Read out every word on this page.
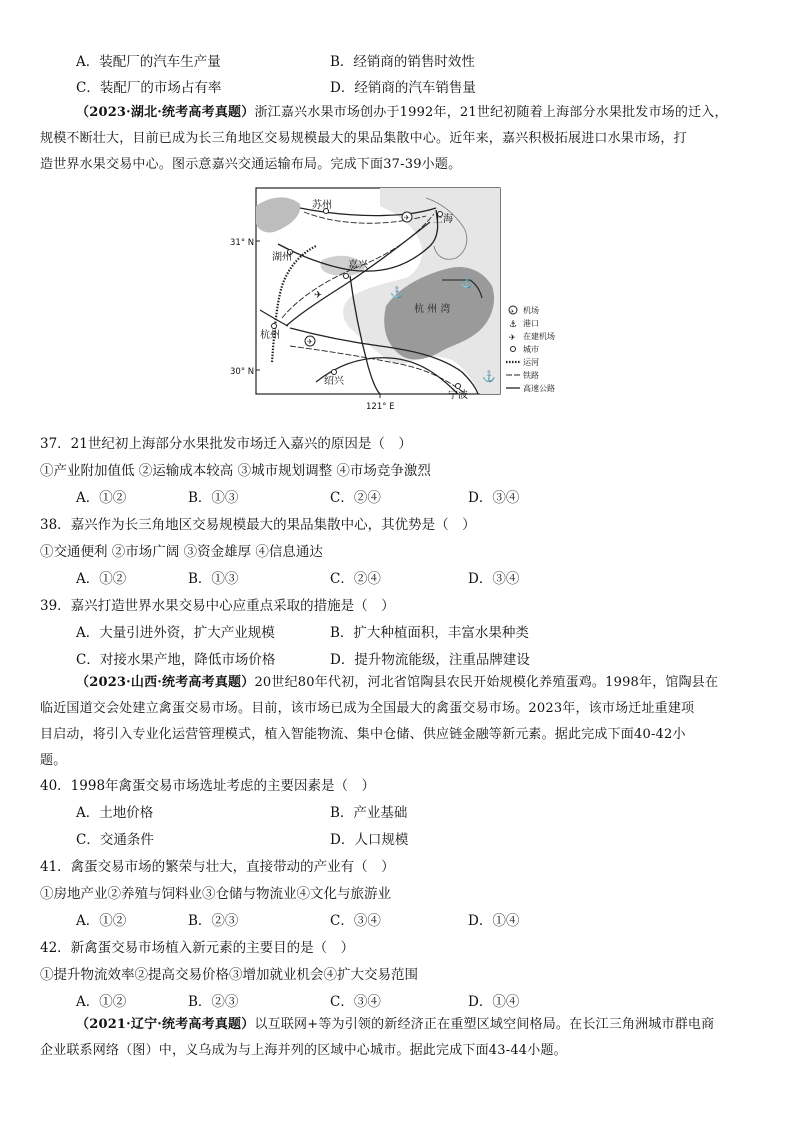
A．装配厂的汽车生产量	B．经销商的销售时效性
C．装配厂的市场占有率	D．经销商的汽车销售量
（2023·湖北·统考高考真题）浙江嘉兴水果市场创办于1992年，21世纪初随着上海部分水果批发市场的迁入，
规模不断壮大，目前已成为长三角地区交易规模最大的果品集散中心。近年来，嘉兴积极拓展进口水果市场，打
造世界水果交易中心。图示意嘉兴交通运输布局。完成下面37-39小题。
✈
✈
⚓
⚓
⚓
✈
苏州
上海
湖州
嘉兴
杭州
绍兴
宁波
杭 州 湾
31° N
30° N
121° E
✈ 机场
⚓ 港口
✈ 在建机场
城市
运河
铁路
高速公路
37．21世纪初上海部分水果批发市场迁入嘉兴的原因是（　）
①产业附加值低 ②运输成本较高 ③城市规划调整 ④市场竞争激烈
A．①②	B．①③	C．②④	D．③④
38．嘉兴作为长三角地区交易规模最大的果品集散中心，其优势是（　）
①交通便利 ②市场广阔 ③资金雄厚 ④信息通达
A．①②	B．①③	C．②④	D．③④
39．嘉兴打造世界水果交易中心应重点采取的措施是（　）
A．大量引进外资，扩大产业规模	B．扩大种植面积，丰富水果种类
C．对接水果产地，降低市场价格	D．提升物流能级，注重品牌建设
（2023·山西·统考高考真题）20世纪80年代初，河北省馆陶县农民开始规模化养殖蛋鸡。1998年，馆陶县在
临近国道交会处建立禽蛋交易市场。目前，该市场已成为全国最大的禽蛋交易市场。2023年，该市场迁址重建项
目启动，将引入专业化运营管理模式，植入智能物流、集中仓储、供应链金融等新元素。据此完成下面40-42小
题。
40．1998年禽蛋交易市场选址考虑的主要因素是（　）
A．土地价格	B．产业基础
C．交通条件	D．人口规模
41．禽蛋交易市场的繁荣与壮大，直接带动的产业有（　）
①房地产业②养殖与饲料业③仓储与物流业④文化与旅游业
A．①②	B．②③	C．③④	D．①④
42．新禽蛋交易市场植入新元素的主要目的是（　）
①提升物流效率②提高交易价格③增加就业机会④扩大交易范围
A．①②	B．②③	C．③④	D．①④
（2021·辽宁·统考高考真题）以互联网+等为引领的新经济正在重塑区域空间格局。在长江三角洲城市群电商
企业联系网络（图）中，义乌成为与上海并列的区域中心城市。据此完成下面43-44小题。
